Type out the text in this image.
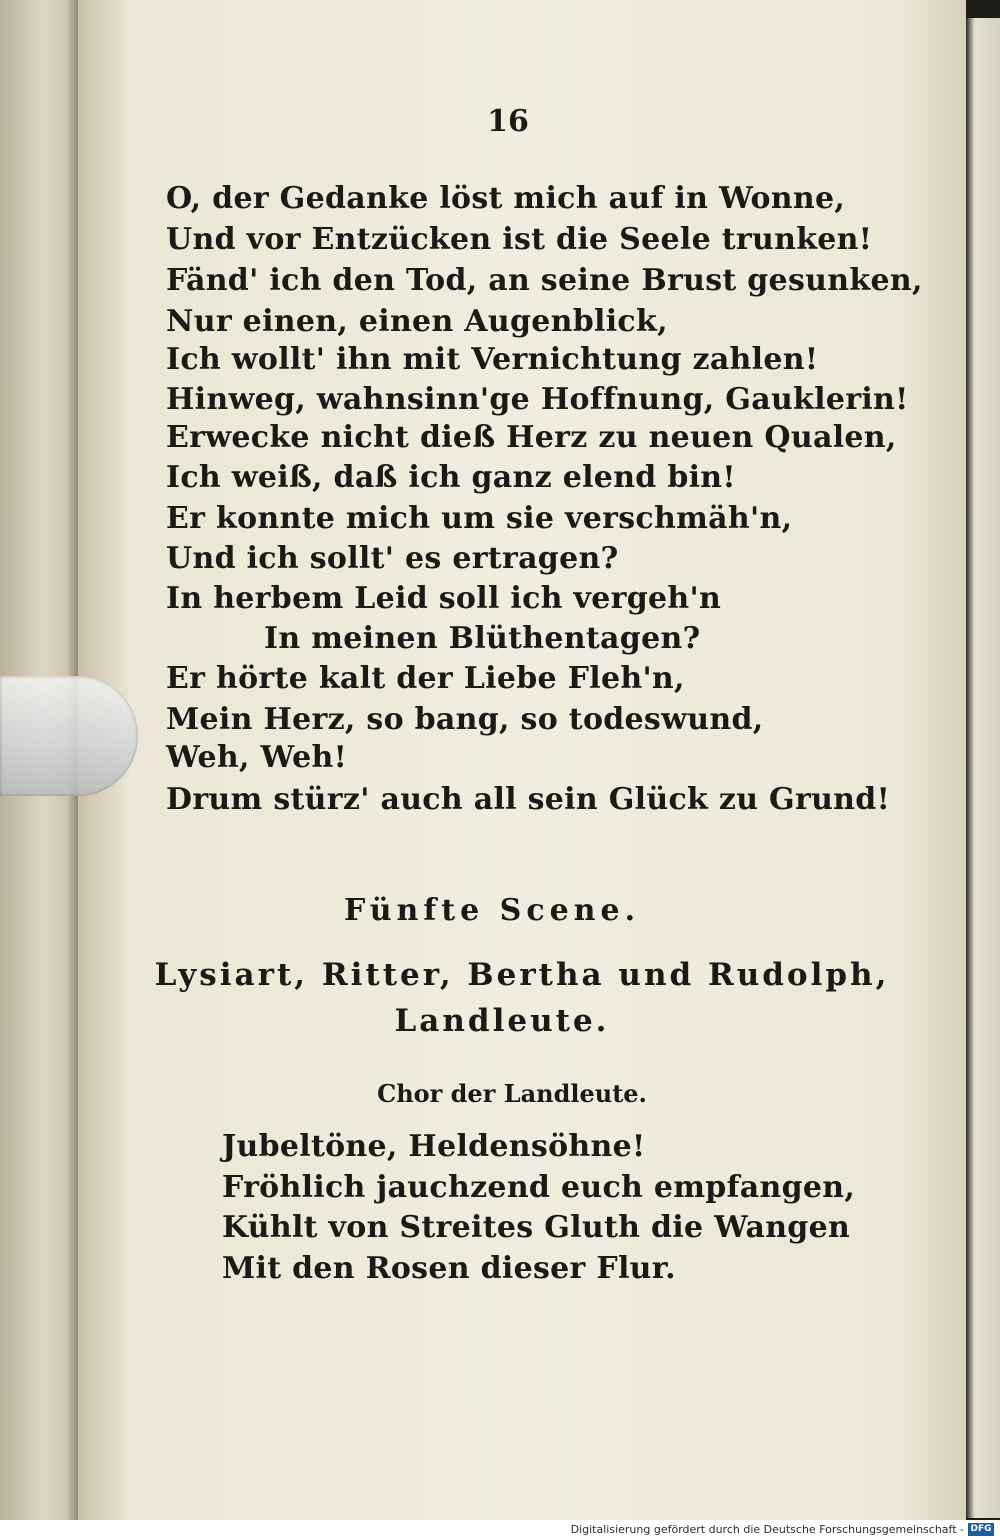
16

O, der Gedanke löst mich auf in Wonne,

Und vor Entzücken ist die Seele trunken!

Fänd' ich den Tod, an seine Brust gesunken,

Nur einen, einen Augenblick,

Ich wollt' ihn mit Vernichtung zahlen!

Hinweg, wahnsinn'ge Hoffnung, Gauklerin!

Erwecke nicht dieß Herz zu neuen Qualen,

Ich weiß, daß ich ganz elend bin!

Er konnte mich um sie verschmäh'n,

Und ich sollt' es ertragen?

In herbem Leid soll ich vergeh'n

In meinen Blüthentagen?

Er hörte kalt der Liebe Fleh'n,

Mein Herz, so bang, so todeswund,

Weh, Weh!

Drum stürz' auch all sein Glück zu Grund!

Fünfte Scene.

Lysiart, Ritter, Bertha und Rudolph,

Landleute.

Chor der Landleute.

Jubeltöne, Heldensöhne!

Fröhlich jauchzend euch empfangen,

Kühlt von Streites Gluth die Wangen

Mit den Rosen dieser Flur.

Digitalisierung gefördert durch die Deutsche Forschungsgemeinschaft - DFG
